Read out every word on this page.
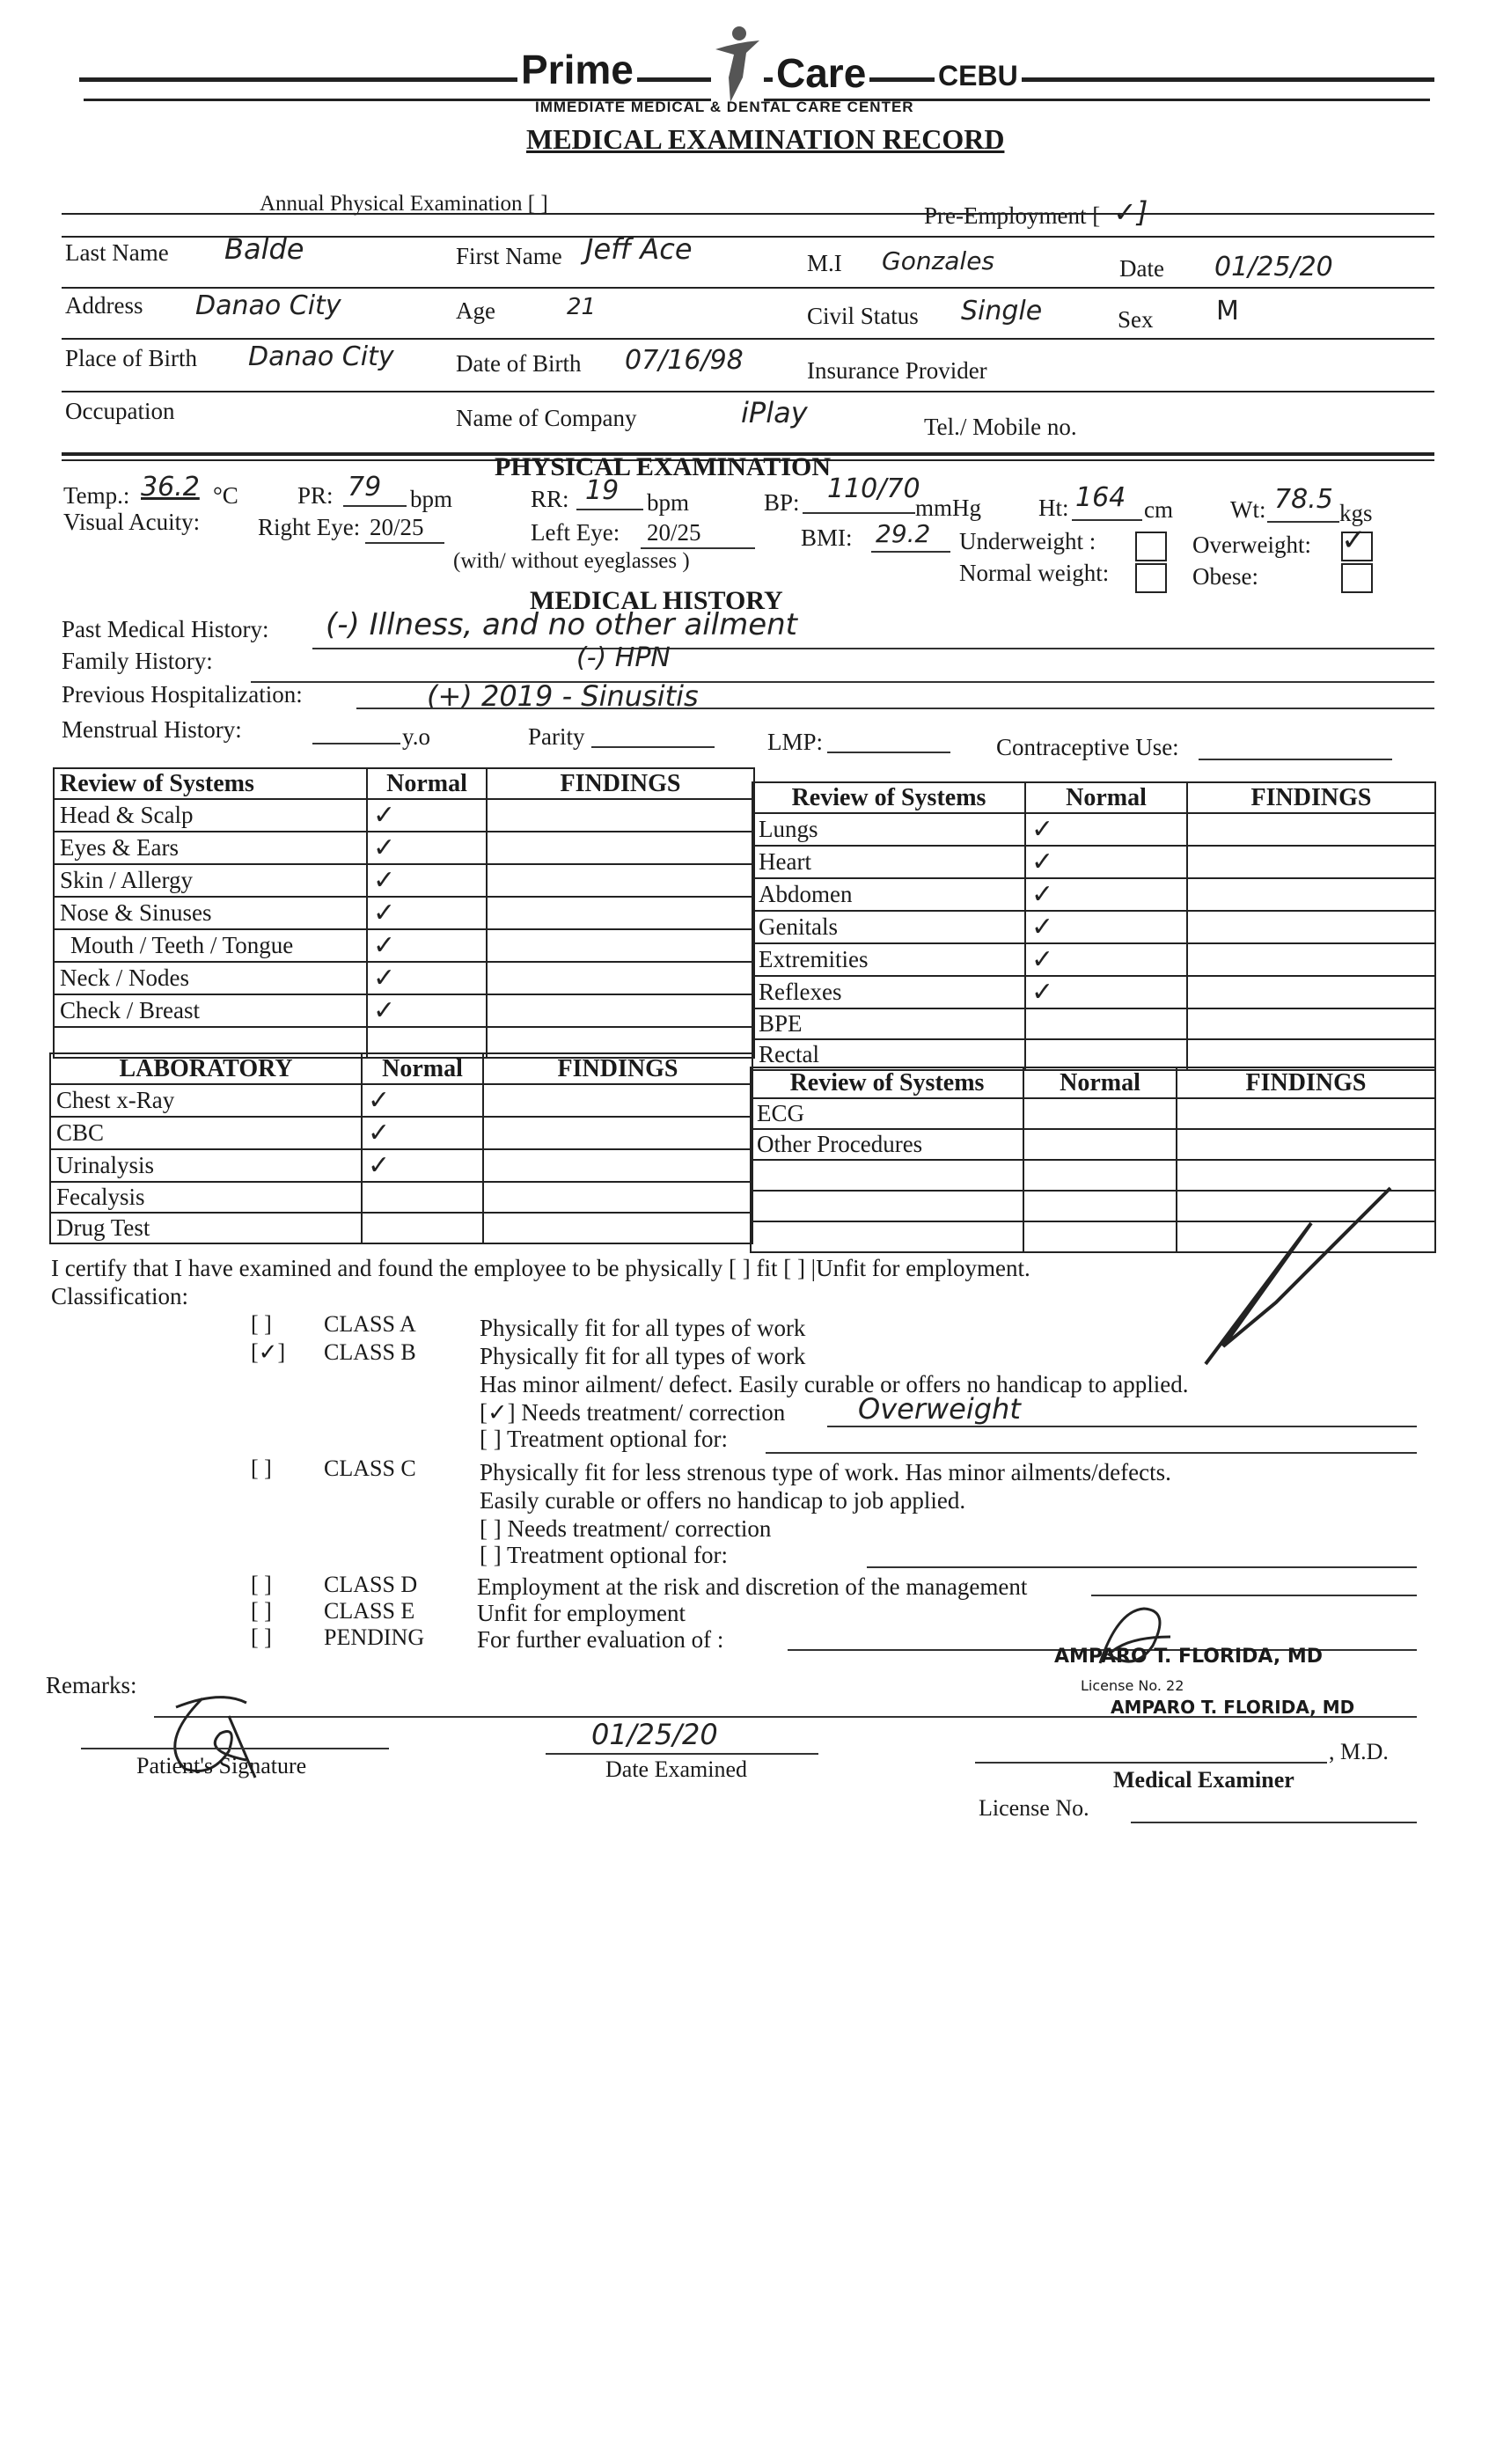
Prime	Care	CEBU
IMMEDIATE MEDICAL & DENTAL CARE CENTER
MEDICAL EXAMINATION RECORD
Annual Physical Examination [ ]	Pre-Employment [ ✓]
Last Name Balde	First Name Jeff Ace	M.I Gonzales	Date 01/25/20
Address Danao City	Age	21	Civil Status Single	Sex M
Place of Birth Danao City	Date of Birth 07/16/98	Insurance Provider
Occupation	Name of Company	iPlay	Tel./ Mobile no.
PHYSICAL EXAMINATION
Temp.: 36.2 °C PR: 79 bpm	RR: 19 bpm	BP: 110/70
mmHg Ht: 164 cm Wt: 78.5 kgs
Visual Acuity: Right Eye: 20/25	Left Eye: 20/25
(with/ without eyeglasses )
BMI: 29.2 Underweight :	Overweight: ✓
Normal weight:	Obese:
MEDICAL HISTORY
Past Medical History: (-) Illness, and no other ailment
Family History:	(-) HPN
Previous Hospitalization:	(+) 2019 - Sinusitis
Menstrual History:	y.o	Parity	LMP:	Contraceptive Use:
Review of Systems	Normal	FINDINGS
Head & Scalp	✓	
Eyes & Ears	✓	
Skin / Allergy	✓	
Nose & Sinuses	✓	
Mouth / Teeth / Tongue	✓	
Neck / Nodes	✓	
Check / Breast	✓	

Review of Systems	Normal	FINDINGS
Lungs	✓	
Heart	✓	
Abdomen	✓	
Genitals	✓	
Extremities	✓	
Reflexes	✓	
BPE		
Rectal		
LABORATORY	Normal	FINDINGS
Chest x-Ray	✓	
CBC	✓	
Urinalysis	✓	
Fecalysis		
Drug Test		
Review of Systems	Normal	FINDINGS
ECG		
Other Procedures		

I certify that I have examined and found the employee to be physically [ ] fit [ ] |Unfit for employment.
Classification:
[ ] CLASS A	Physically fit for all types of work
[✓] CLASS B	Physically fit for all types of work
Has minor ailment/ defect. Easily curable or offers no handicap to applied.
[✓] Needs treatment/ correction	Overweight
[ ] Treatment optional for:
[ ] CLASS C	Physically fit for less strenous type of work. Has minor ailments/defects.
Easily curable or offers no handicap to job applied.
[ ] Needs treatment/ correction
[ ] Treatment optional for:
[ ] CLASS D	Employment at the risk and discretion of the management
[ ] CLASS E	Unfit for employment
[ ] PENDING For further evaluation of :
Remarks:
AMPARO T. FLORIDA, MD
License No. 22
AMPARO T. FLORIDA, MD
Patient's Signature
01/25/20
Date Examined
, M.D.
Medical Examiner
License No.
